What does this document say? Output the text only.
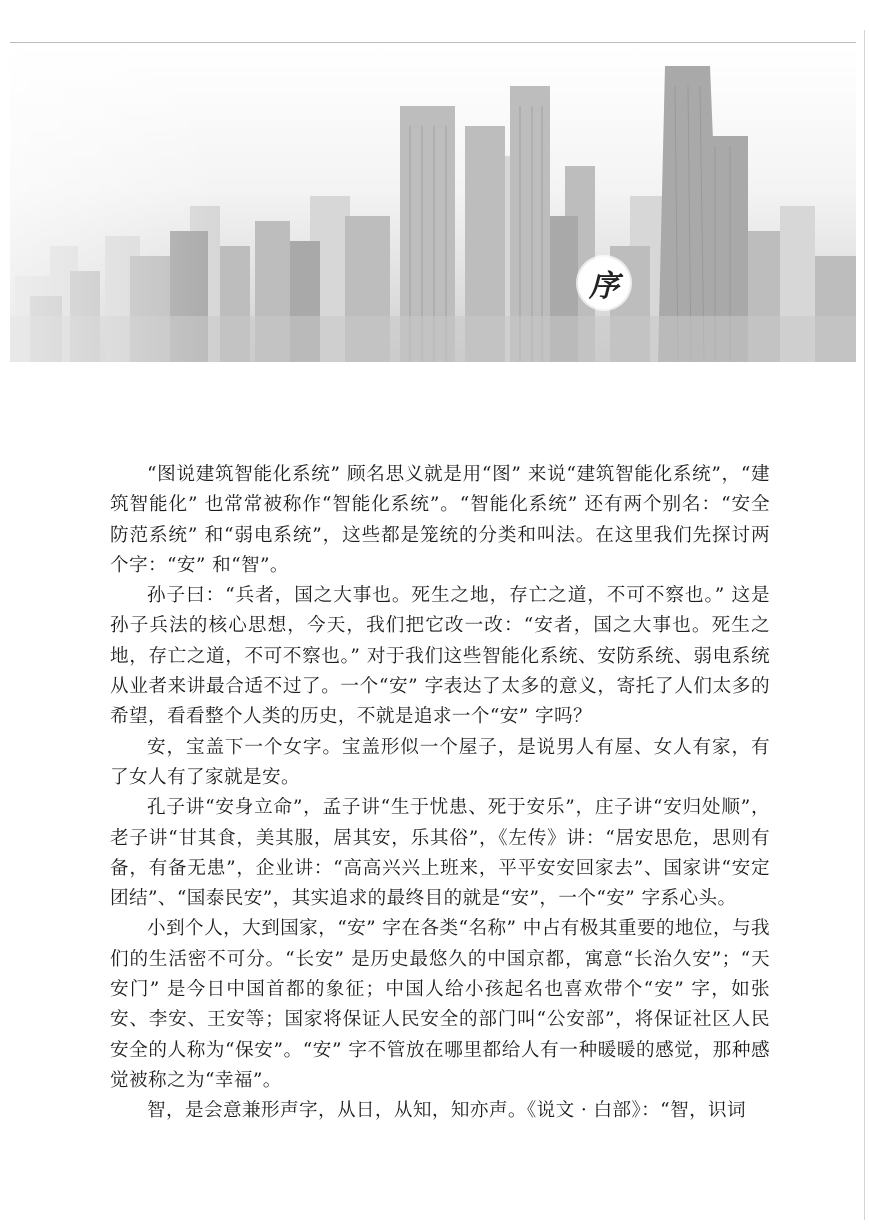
序

“图说建筑智能化系统” 顾名思义就是用“图” 来说“建筑智能化系统”，“建筑智能化” 也常常被称作“智能化系统”。“智能化系统” 还有两个别名：“安全防范系统” 和“弱电系统”，这些都是笼统的分类和叫法。在这里我们先探讨两个字：“安” 和“智”。

孙子曰：“兵者，国之大事也。死生之地，存亡之道，不可不察也。” 这是孙子兵法的核心思想，今天，我们把它改一改：“安者，国之大事也。死生之地，存亡之道，不可不察也。” 对于我们这些智能化系统、安防系统、弱电系统从业者来讲最合适不过了。一个“安” 字表达了太多的意义，寄托了人们太多的希望，看看整个人类的历史，不就是追求一个“安” 字吗？

安，宝盖下一个女字。宝盖形似一个屋子，是说男人有屋、女人有家，有了女人有了家就是安。

孔子讲“安身立命”，孟子讲“生于忧患、死于安乐”，庄子讲“安归处顺”，老子讲“甘其食，美其服，居其安，乐其俗”，《左传》讲：“居安思危，思则有备，有备无患”，企业讲：“高高兴兴上班来，平平安安回家去”、国家讲“安定团结”、“国泰民安”，其实追求的最终目的就是“安”，一个“安” 字系心头。

小到个人，大到国家，“安” 字在各类“名称” 中占有极其重要的地位，与我们的生活密不可分。“长安” 是历史最悠久的中国京都，寓意“长治久安”；“天安门” 是今日中国首都的象征；中国人给小孩起名也喜欢带个“安” 字，如张安、李安、王安等；国家将保证人民安全的部门叫“公安部”，将保证社区人民安全的人称为“保安”。“安” 字不管放在哪里都给人有一种暖暖的感觉，那种感觉被称之为“幸福”。

智，是会意兼形声字，从日，从知，知亦声。《说文 · 白部》：“智，识词
